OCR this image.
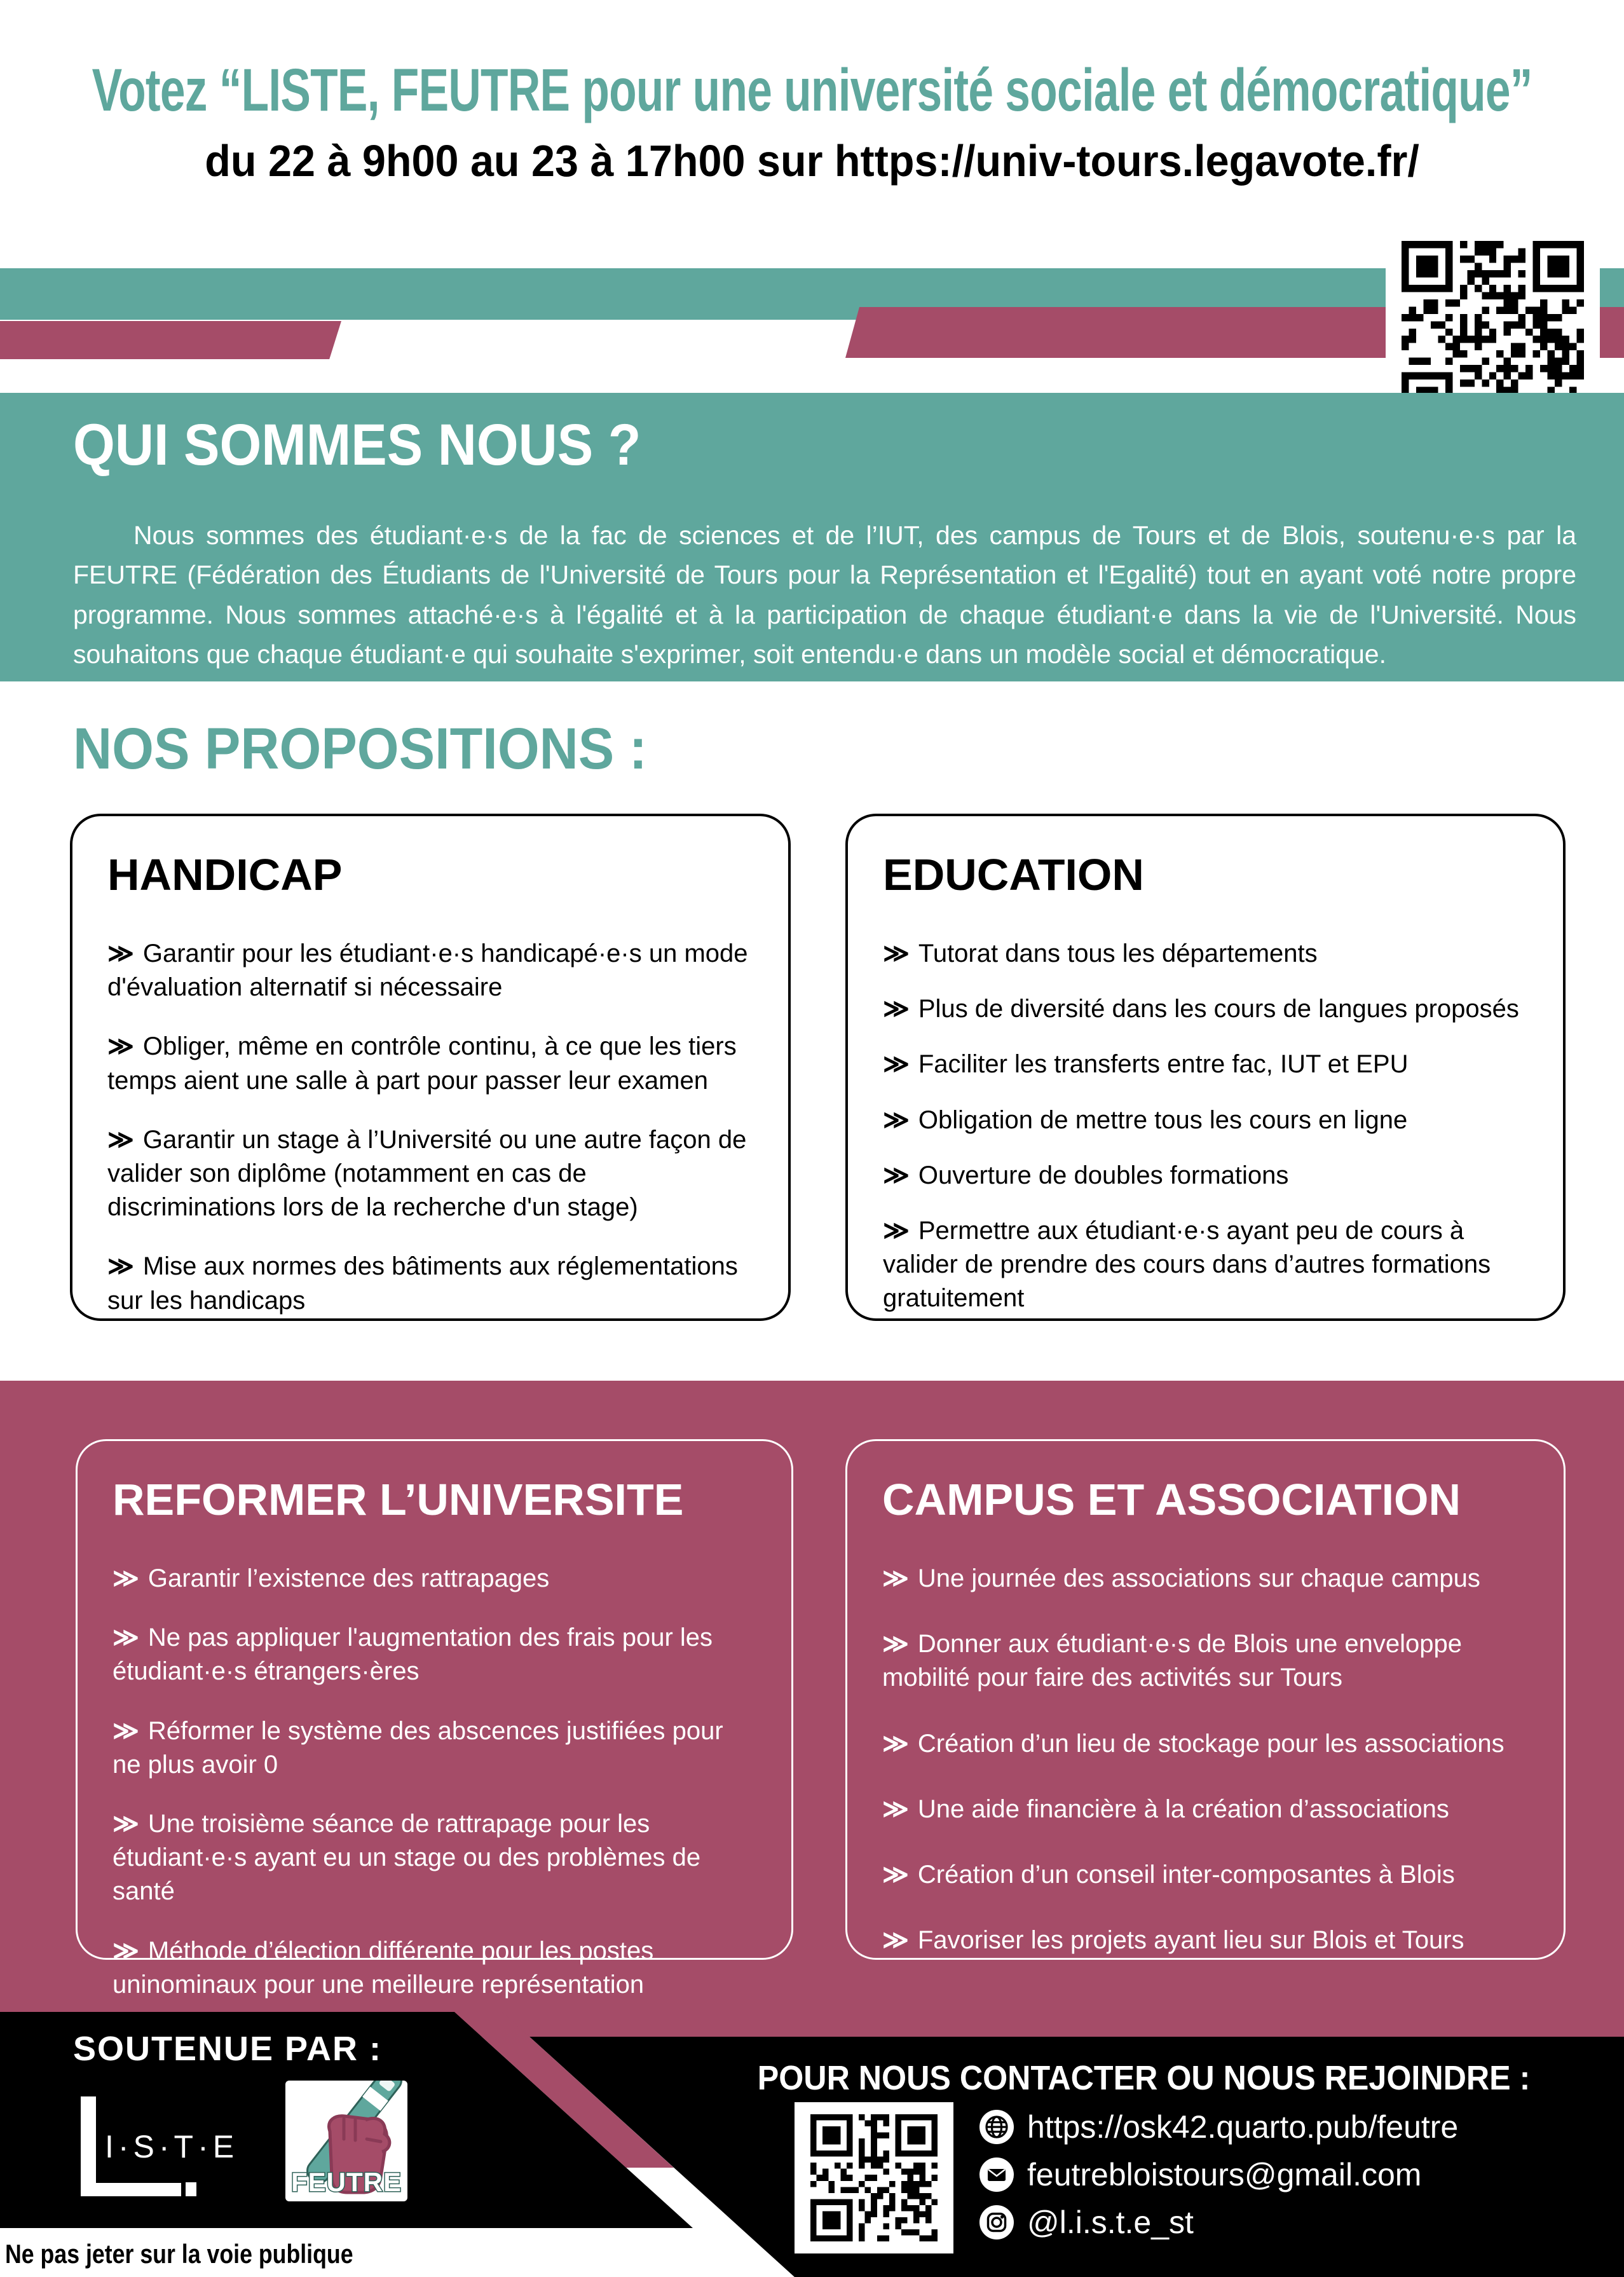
Votez “LISTE, FEUTRE pour une université sociale et démocratique”
du 22 à 9h00 au 23 à 17h00 sur https://univ-tours.legavote.fr/
QUI SOMMES NOUS ?

Nous sommes des étudiant·e·s de la fac de sciences et de l’IUT, des campus de Tours et de Blois, soutenu·e·s par la FEUTRE (Fédération des Étudiants de l'Université de Tours pour la Représentation et l'Egalité) tout en ayant voté notre propre programme. Nous sommes attaché·e·s à l'égalité et à la participation de chaque étudiant·e dans la vie de l'Université. Nous souhaitons que chaque étudiant·e qui souhaite s'exprimer, soit entendu·e dans un modèle social et démocratique.

NOS PROPOSITIONS :
HANDICAP

≫ Garantir pour les étudiant·e·s handicapé·e·s un mode d'évaluation alternatif si nécessaire

≫ Obliger, même en contrôle continu, à ce que les tiers temps aient une salle à part pour passer leur examen

≫ Garantir un stage à l’Université ou une autre façon de valider son diplôme (notamment en cas de discriminations lors de la recherche d'un stage)

≫ Mise aux normes des bâtiments aux réglementations sur les handicaps

EDUCATION

≫ Tutorat dans tous les départements

≫ Plus de diversité dans les cours de langues proposés

≫ Faciliter les transferts entre fac, IUT et EPU

≫ Obligation de mettre tous les cours en ligne

≫ Ouverture de doubles formations

≫ Permettre aux étudiant·e·s ayant peu de cours à valider de prendre des cours dans d’autres formations gratuitement

REFORMER L’UNIVERSITE

≫ Garantir l’existence des rattrapages

≫ Ne pas appliquer l'augmentation des frais pour les étudiant·e·s étrangers·ères

≫ Réformer le système des abscences justifiées pour ne plus avoir 0

≫ Une troisième séance de rattrapage pour les étudiant·e·s ayant eu un stage ou des problèmes de santé

≫ Méthode d’élection différente pour les postes uninominaux pour une meilleure représentation

CAMPUS ET ASSOCIATION

≫ Une journée des associations sur chaque campus

≫ Donner aux étudiant·e·s de Blois une enveloppe mobilité pour faire des activités sur Tours

≫ Création d’un lieu de stockage pour les associations

≫ Une aide financière à la création d’associations

≫ Création d’un conseil inter-composantes à Blois

≫ Favoriser les projets ayant lieu sur Blois et Tours

SOUTENUE PAR :
I·S·T·E
FEUTRE
POUR NOUS CONTACTER OU NOUS REJOINDRE :
https://osk42.quarto.pub/feutre
feutrebloistours@gmail.com
@l.i.s.t.e_st
Ne pas jeter sur la voie publique
